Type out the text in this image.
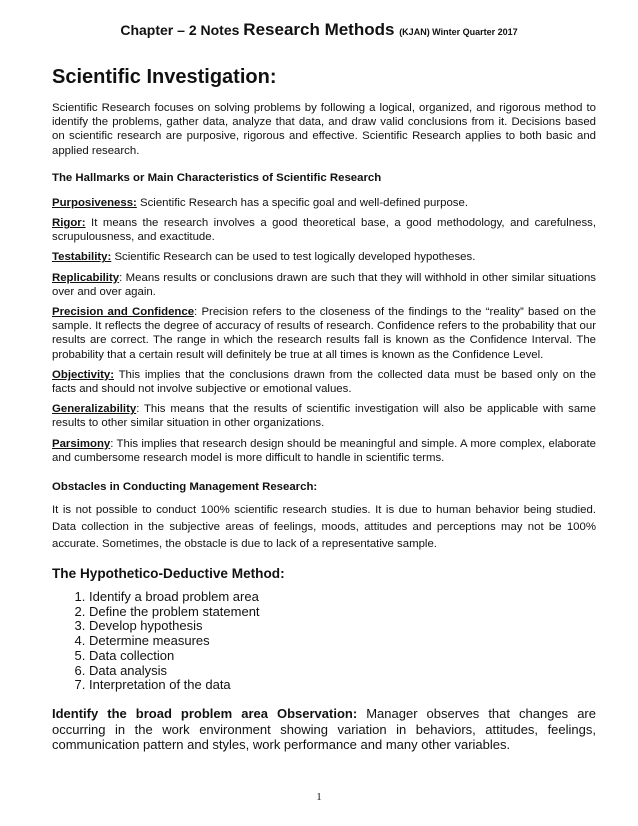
Chapter – 2 Notes Research Methods (KJAN) Winter Quarter 2017
Scientific Investigation:

Scientific Research focuses on solving problems by following a logical, organized, and rigorous method to identify the problems, gather data, analyze that data, and draw valid conclusions from it. Decisions based on scientific research are purposive, rigorous and effective. Scientific Research applies to both basic and applied research.

The Hallmarks or Main Characteristics of Scientific Research

Purposiveness: Scientific Research has a specific goal and well-defined purpose.

Rigor: It means the research involves a good theoretical base, a good methodology, and carefulness, scrupulousness, and exactitude.

Testability: Scientific Research can be used to test logically developed hypotheses.

Replicability: Means results or conclusions drawn are such that they will withhold in other similar situations over and over again.

Precision and Confidence: Precision refers to the closeness of the findings to the “reality” based on the sample. It reflects the degree of accuracy of results of research. Confidence refers to the probability that our results are correct. The range in which the research results fall is known as the Confidence Interval. The probability that a certain result will definitely be true at all times is known as the Confidence Level.

Objectivity: This implies that the conclusions drawn from the collected data must be based only on the facts and should not involve subjective or emotional values.

Generalizability: This means that the results of scientific investigation will also be applicable with same results to other similar situation in other organizations.

Parsimony: This implies that research design should be meaningful and simple. A more complex, elaborate and cumbersome research model is more difficult to handle in scientific terms.

Obstacles in Conducting Management Research:

It is not possible to conduct 100% scientific research studies. It is due to human behavior being studied. Data collection in the subjective areas of feelings, moods, attitudes and perceptions may not be 100% accurate. Sometimes, the obstacle is due to lack of a representative sample.

The Hypothetico-Deductive Method:
1. Identify a broad problem area
2. Define the problem statement
3. Develop hypothesis
4. Determine measures
5. Data collection
6. Data analysis
7. Interpretation of the data

Identify the broad problem area Observation: Manager observes that changes are occurring in the work environment showing variation in behaviors, attitudes, feelings, communication pattern and styles, work performance and many other variables.

1
